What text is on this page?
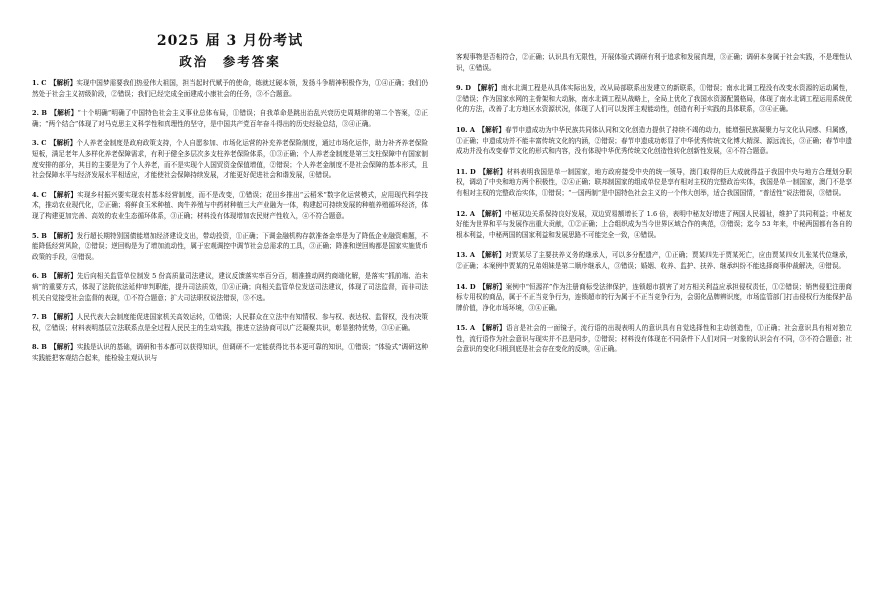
2025 届 3 月份考试
政治　参考答案
1. C　 【解析】实现中国梦需要我们热爱伟大祖国，担当起时代赋予的使命，练就过硬本领，发扬斗争精神积极作为，①④正确；我们仍然处于社会主义初级阶段，②错误；我们已经完成全面建成小康社会的任务，③不合题意。
2. B　 【解析】“十个明确”明确了中国特色社会主义事业总体布局，①错误；自我革命是跳出治乱兴衰历史周期律的第二个答案，②正确；“两个结合”体现了对马克思主义科学性和真理性的坚守，是中国共产党百年奋斗得出的历史经验总结，③④正确。
3. C　 【解析】个人养老金制度是政府政策支持，个人自愿参加、市场化运营的补充养老保险制度，通过市场化运作，助力补齐养老保险短板，满足老年人多样化养老保障需求，有利于健全多层次多支柱养老保险体系，①③正确；个人养老金制度是第三支柱保障中有国家制度安排的部分，其目的主要是为了个人养老，而不是实现个人国贸资金保值增值，②错误；个人养老金制度不是社会保障的基本形式，且社会保障水平与经济发展水平相适应，才能使社会保障持续发展，才能更好促进社会和谐发展，④错误。
4. C　 【解析】实现乡村振兴要实现农村基本经营制度，而不是改变，①错误；花田乡推出“云稻米”数字化运营模式，应用现代科学技术，推动农业现代化，②正确；将鲜食玉米种植、肉牛养殖与中药材种植三大产业融为一体，构建起可持续发展的种植养殖循环经济，体现了构建更加完善、高效的农业生态循环体系，③正确；材料没有体现增加农民财产性收入，④不符合题意。
5. B　 【解析】发行超长期特别国债能增加经济建设支出，带动投资，①正确；下调金融机构存款准备金率是为了降低企业融资难题，不能降低经营风险，②错误；逆回购是为了增加流动性，属于宏观调控中调节社会总需求的工具，③正确；降准和逆回购都是国家实施货币政策的手段，④错误。
6. B　 【解析】先后向相关监管单位制发 5 份高质量司法建议，建议反馈落实率百分百，精准推动网约商端化解，是落实“抓前端、治未病”的重要方式，体现了法院依法延伸审判职能，提升司法质效，①④正确；向相关监管单位发送司法建议，体现了司法监督，而非司法机关自觉接受社会监督的表现，①不符合题意；扩大司法职权说法错误，③不选。
7. B　 【解析】人民代表大会制度能促进国家机关高效运转，①错误；人民群众在立法中有知情权、参与权、表达权、监督权，没有决策权，②错误；材料表明基层立法联系点是全过程人民民主的生动实践，推进立法协商可以广泛凝聚共识，彰显独特优势，③④正确。
8. B　 【解析】实践是认识的基础，调研和书本都可以获得知识，但调研不一定能获得比书本更可靠的知识，①错误；“体验式”调研这种实践能把客观结合起来，能检验主观认识与
客观事物是否相符合，②正确；认识具有无限性，开展体验式调研有利于追求和发展真理，③正确；调研本身属于社会实践，不是理性认识，④错误。
9. D　 【解析】南水北调工程是从具体实际出发，改从局部联系出发建立的新联系，①错误；南水北调工程没有改变水资源的运动属性，②错误；作为国家水网的主骨架和大动脉，南水北调工程从战略上，全局上优化了我国水资源配置格局，体现了南水北调工程运用系统优化的方法，改善了北方地区水资源状况，体现了人们可以发挥主观能动性，创造有利于实践的具体联系，③④正确。
10. A　 【解析】春节申遗成功为中华民族共同体认同和文化创造力提供了持续不竭的动力，能增强民族凝聚力与文化认同感、归属感，①正确；申遗成功并不能丰富传统文化的内涵，②错误；春节申遗成功彰显了中华优秀传统文化博大精深、源远流长，③正确；春节申遗成功并没有改变春节文化的形式和内容，没有体现中华优秀传统文化创造性转化创新性发展，④不符合题意。
11. D　 【解析】材料表明我国是单一制国家，地方政府接受中央的统一领导，澳门取得的巨大成就得益于我国中央与地方合理划分职权，调动了中央和地方两个积极性，②④正确；联邦制国家的组成单位是享有相对主权的完整政治实体，我国是单一制国家，澳门不是享有相对主权的完整政治实体，①错误；“一国两制”是中国特色社会主义的一个伟大创举，适合我国国情，“普适性”说法错误，③错误。
12. A　 【解析】中秘双边关系保持良好发展，双边贸易额增长了 1.6 倍，表明中秘友好增进了两国人民福祉，维护了共同利益；中秘友好能为世界和平与发展作出重大贡献，①②正确；上合组织成为当今世界区域合作的典范，③错误；迄今 53 年来，中秘两国都有各自的根本利益，中秘两国的国家利益和发展思路不可能完全一致，④错误。
13. A　 【解析】对贾某尽了主要扶养义务的继承人，可以多分配遗产，①正确；贾某四先于贾某死亡，应由贾某四女儿张某代位继承，②正确；本案例中贾某的兄弟姐妹是第二顺序继承人，③错误；婚姻、收养、监护、扶养、继承纠纷不能选择商事仲裁解决，④错误。
14. D　 【解析】案例中“恒源祥”作为注册商标受法律保护，连锁超市损害了对方相关利益应承担侵权责任，①②错误；销售侵犯注册商标专用权的商品，属于不正当竞争行为，连锁超市的行为属于不正当竞争行为，会弱化品牌辨识度，市场监管部门打击侵权行为能保护品牌价值，净化市场环境，③④正确。
15. A　 【解析】语言是社会的一面镜子，流行语的出现表明人的意识具有自觉选择性和主动创造性，①正确；社会意识具有相对独立性，流行语作为社会意识与现实并不总是同步，②错误；材料没有体现在不同条件下人们对同一对象的认识会有不同，③不符合题意；社会意识的变化归根到底是社会存在变化的反映，④正确。
